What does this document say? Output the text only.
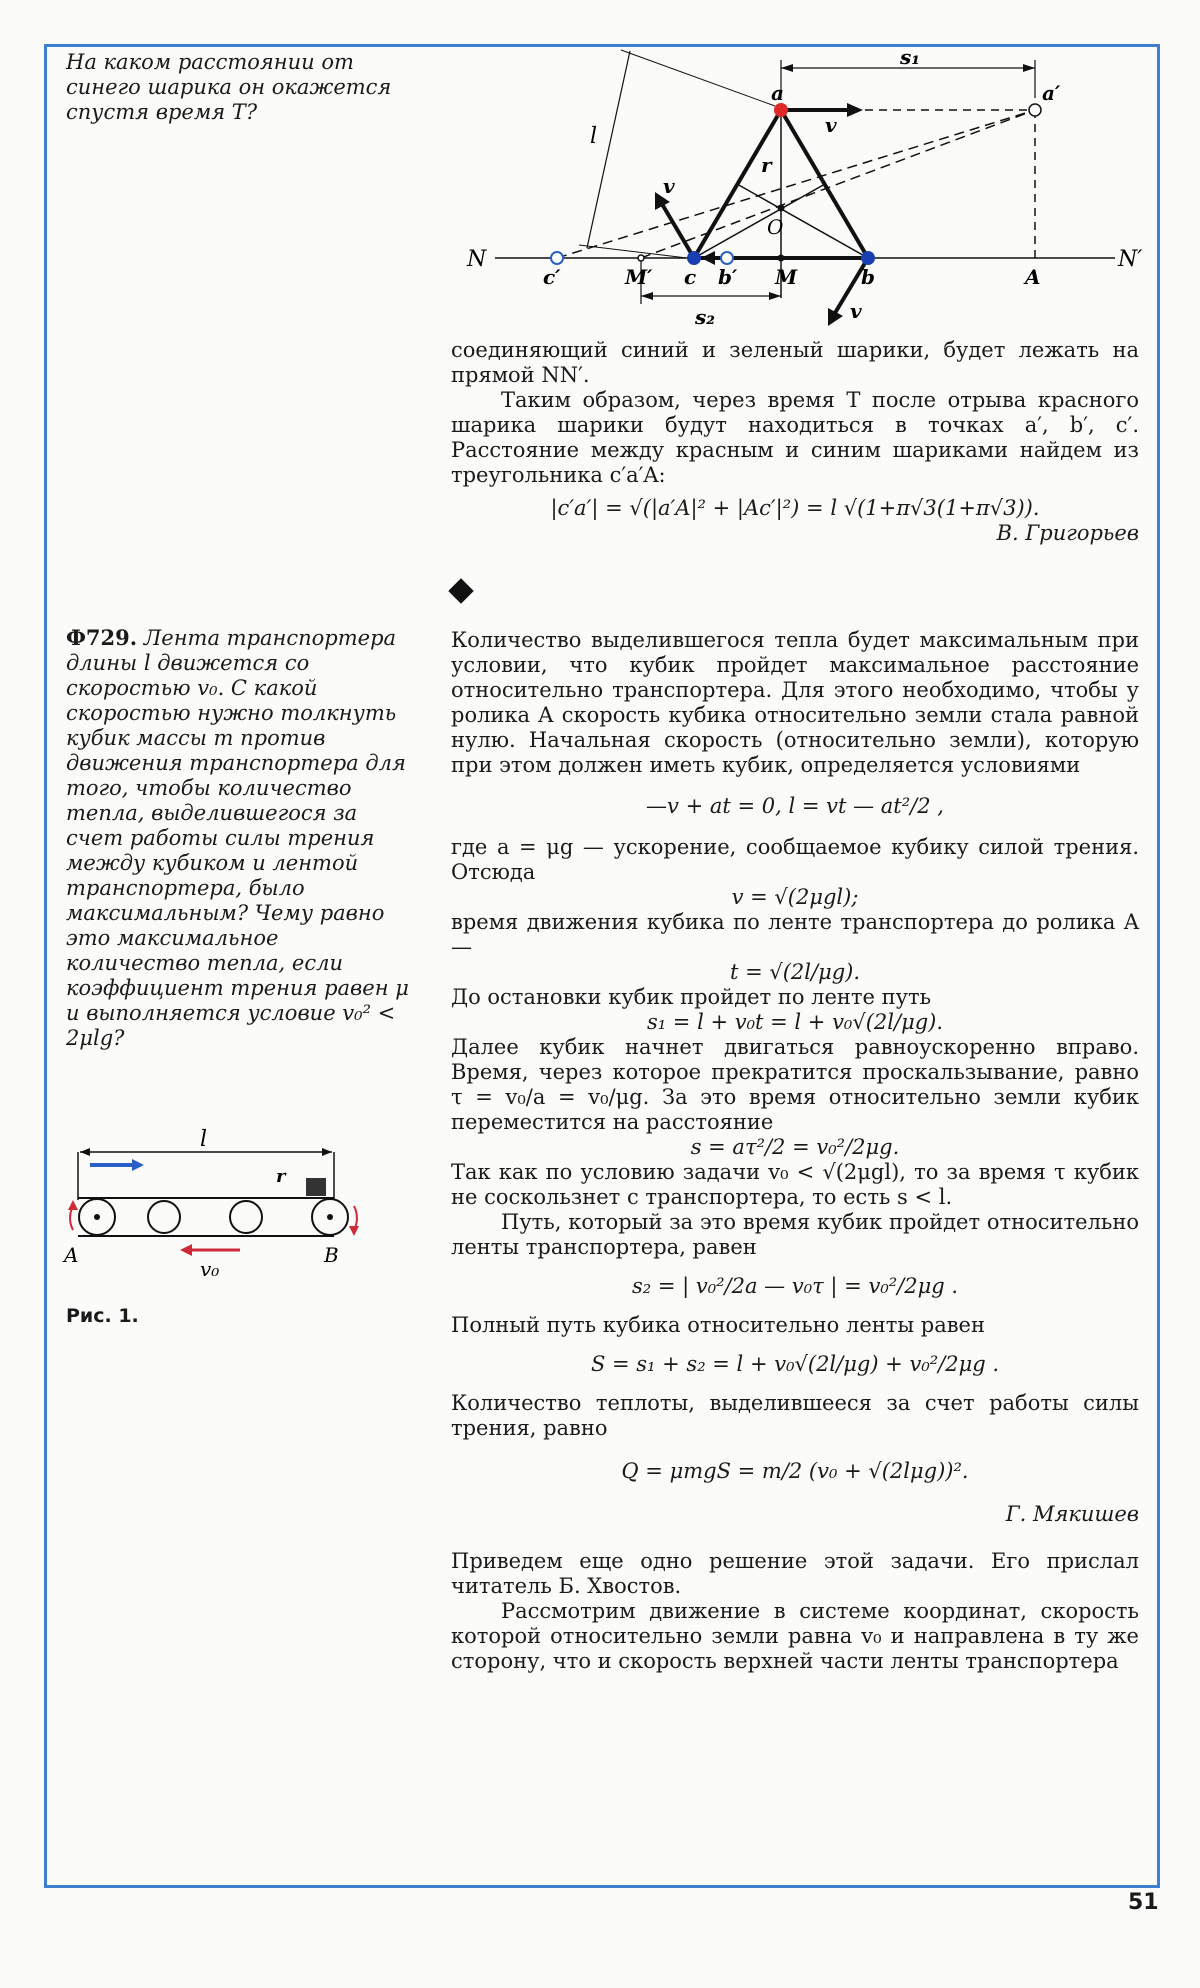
На каком расстоянии от синего шарика он окажется спустя время T?
Ф729. Лента транспортера длины l движется со скоростью v₀. С какой скоростью нужно толкнуть кубик массы m против движения транспортера для того, чтобы количество тепла, выделившегося за счет работы силы трения между кубиком и лентой транспортера, было максимальным? Чему равно это максимальное количество тепла, если коэффициент трения равен μ и выполняется условие v₀² < 2μlg?
l
r
A	B
v₀
Рис. 1.
N	N′
l
s₁
s₂
a	a′
v
v
v
r
O
c′	M′ c b′ M	b	A

соединяющий синий и зеленый шарики, будет лежать на прямой NN′.

Таким образом, через время T после отрыва красного шарика шарики будут находиться в точках a′, b′, c′. Расстояние между красным и синим шариками найдем из треугольника c′a′A:

|c′a′| = √(|a′A|² + |Ac′|²) = l √(1+π√3(1+π√3)).

В. Григорьев

Количество выделившегося тепла будет максимальным при условии, что кубик пройдет максимальное расстояние относительно транспортера. Для этого необходимо, чтобы у ролика A скорость кубика относительно земли стала равной нулю. Начальная скорость (относительно земли), которую при этом должен иметь кубик, определяется условиями

—v + at = 0, l = vt — at²/2 ,

где a = μg — ускорение, сообщаемое кубику силой трения. Отсюда

v = √(2μgl);

время движения кубика по ленте транспортера до ролика A —

t = √(2l/μg).

До остановки кубик пройдет по ленте путь

s₁ = l + v₀t = l + v₀√(2l/μg).

Далее кубик начнет двигаться равноускоренно вправо. Время, через которое прекратится проскальзывание, равно τ = v₀/a = v₀/μg. За это время относительно земли кубик переместится на расстояние

s = aτ²/2 = v₀²/2μg.

Так как по условию задачи v₀ < √(2μgl), то за время τ кубик не соскользнет с транспортера, то есть s < l.

Путь, который за это время кубик пройдет относительно ленты транспортера, равен

s₂ = | v₀²/2a — v₀τ | = v₀²/2μg .

Полный путь кубика относительно ленты равен

S = s₁ + s₂ = l + v₀√(2l/μg) + v₀²/2μg .

Количество теплоты, выделившееся за счет работы силы трения, равно

Q = μmgS = m/2 (v₀ + √(2lμg))².

Г. Мякишев

Приведем еще одно решение этой задачи. Его прислал читатель Б. Хвостов.

Рассмотрим движение в системе координат, скорость которой относительно земли равна v₀ и направлена в ту же сторону, что и скорость верхней части ленты транспортера

51
